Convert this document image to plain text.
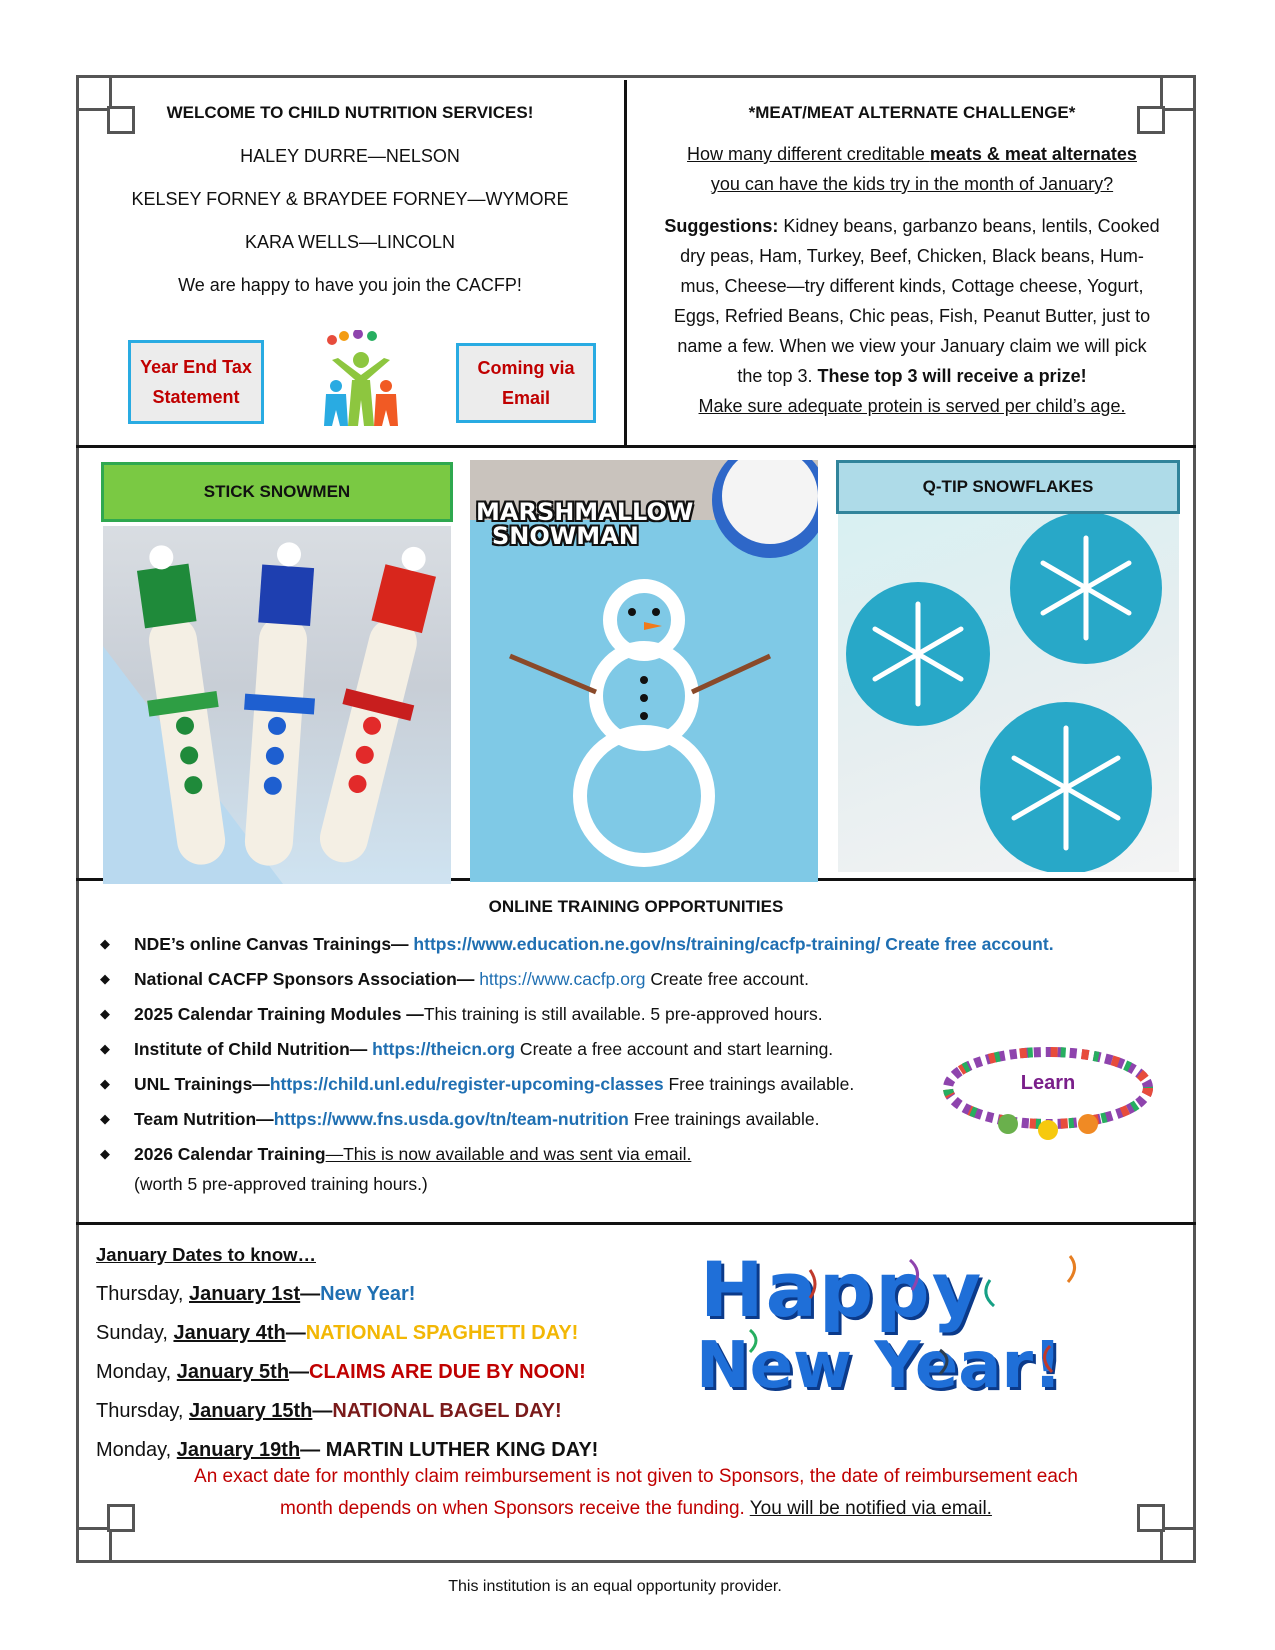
WELCOME TO CHILD NUTRITION SERVICES!
HALEY DURRE—NELSON
KELSEY FORNEY & BRAYDEE FORNEY—WYMORE
KARA WELLS—LINCOLN
We are happy to have you join the CACFP!
Year End Tax
Statement
Coming via
Email
*MEAT/MEAT ALTERNATE CHALLENGE*
How many different creditable meats & meat alternates
you can have the kids try in the month of January?
Suggestions: Kidney beans, garbanzo beans, lentils, Cooked
dry peas, Ham, Turkey, Beef, Chicken, Black beans, Hum-
mus, Cheese—try different kinds, Cottage cheese, Yogurt,
Eggs, Refried Beans, Chic peas, Fish, Peanut Butter, just to
name a few. When we view your January claim we will pick
the top 3. These top 3 will receive a prize!
Make sure adequate protein is served per child’s age.
STICK SNOWMEN
MARSHMALLOW
SNOWMAN
Q-TIP SNOWFLAKES
ONLINE TRAINING OPPORTUNITIES
◆ NDE’s online Canvas Trainings— https://www.education.ne.gov/ns/training/cacfp-training/ Create free account.
◆ National CACFP Sponsors Association— https://www.cacfp.org Create free account.
◆ 2025 Calendar Training Modules —This training is still available. 5 pre-approved hours.
◆ Institute of Child Nutrition— https://theicn.org Create a free account and start learning.
◆ UNL Trainings—https://child.unl.edu/register-upcoming-classes Free trainings available.
◆ Team Nutrition—https://www.fns.usda.gov/tn/team-nutrition Free trainings available.
◆ 2026 Calendar Training—This is now available and was sent via email.
(worth 5 pre-approved training hours.)
Learn
January Dates to know…
Thursday, January 1st—New Year!
Sunday, January 4th—NATIONAL SPAGHETTI DAY!
Monday, January 5th—CLAIMS ARE DUE BY NOON!
Thursday, January 15th—NATIONAL BAGEL DAY!
Monday, January 19th— MARTIN LUTHER KING DAY!
Happy
New Year!
An exact date for monthly claim reimbursement is not given to Sponsors, the date of reimbursement each
month depends on when Sponsors receive the funding. You will be notified via email.
This institution is an equal opportunity provider.
